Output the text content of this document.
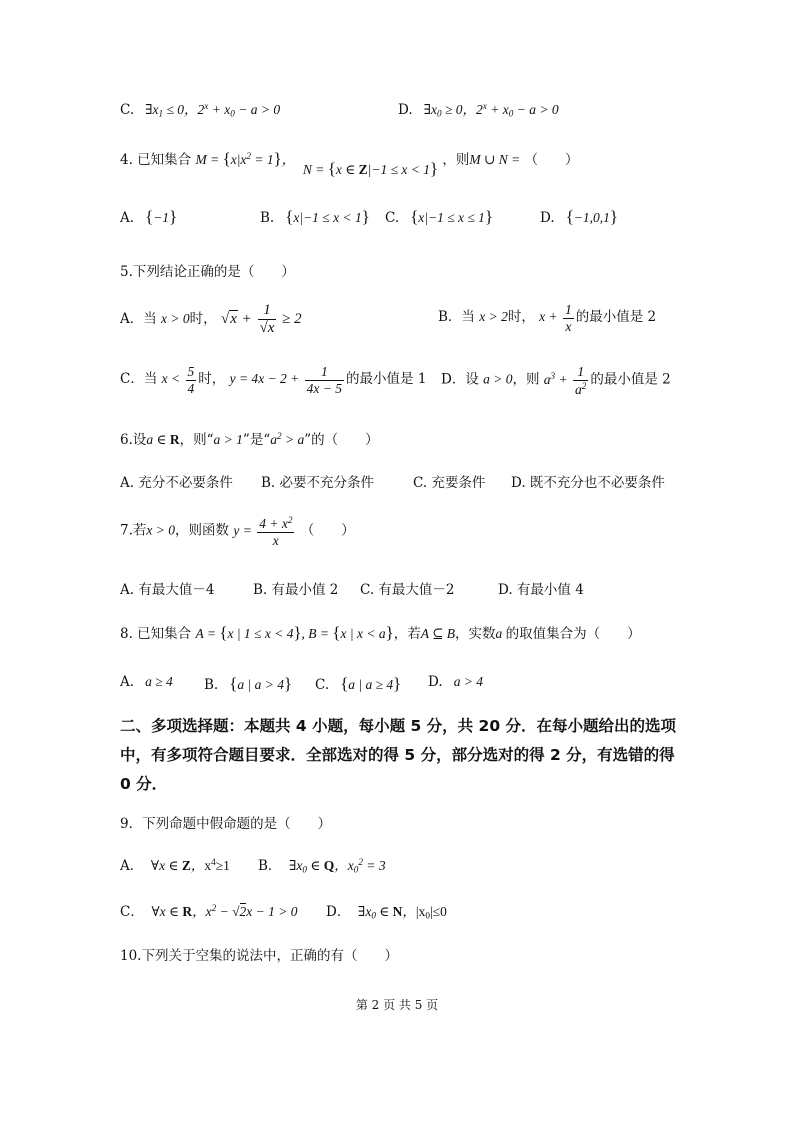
C.   $\exists x_1 \le 0$，$2^x + x_0 - a > 0$	D.   $\exists x_0 \ge 0$，$2^x + x_0 - a > 0$
4. 已知集合 $M = \{x|x^2 = 1\}$，  N = {x ∈ Z|−1 ≤ x < 1} ，则M ∪ N = （　　）
A. {−1}	B. {x|−1 ≤ x < 1} C. {x|−1 ≤ x ≤ 1}	D. {−1,0,1}
5.下列结论正确的是（　　）
A．当 x > 0时， $√x + \frac{1}{√x} \ge 2$	B．当 x > 2时， $x + \frac{1}{x}$ 的最小值是 2
C．当 $x < \frac{5}{4}$ 时， $y = 4x - 2 + \frac{1}{4x - 5}$ 的最小值是 1 D．设 a > 0，则 $a^3 + \frac{1}{a^2}$ 的最小值是 2
6.设a ∈ R，则“a > 1”是“$a^2 > a$”的（　　）
A. 充分不必要条件 B. 必要不充分条件	C. 充要条件 D. 既不充分也不必要条件
7.若x > 0，则函数 $y = \frac{4 + x^2}{x}$ （　　）
A. 有最大值－4	B. 有最小值 2 C. 有最大值－2	D. 有最小值 4
8. 已知集合 A = {x | 1 ≤ x < 4}, B = {x | x < a}，若A ⊆ B，实数a 的取值集合为（　　）
A. a ≥ 4 B. {a | a > 4} C. {a | a ≥ 4} D. a > 4
二、多项选择题：本题共 4 小题，每小题 5 分，共 20 分．在每小题给出的选项中，有多项符合题目要求．全部选对的得 5 分，部分选对的得 2 分，有选错的得 0 分．
9．下列命题中假命题的是（　　）
A．  ∀x ∈ Z，$x^4\ge 1$ B．  $\exists x_0$ ∈ Q，$x_0^2 = 3$
C．  ∀x ∈ R，$x^2 - √2x - 1 > 0$ D．  $\exists x_0$ ∈ N，$|x_0|\le 0$
10.下列关于空集的说法中，正确的有（　　）
第 2 页 共 5 页
